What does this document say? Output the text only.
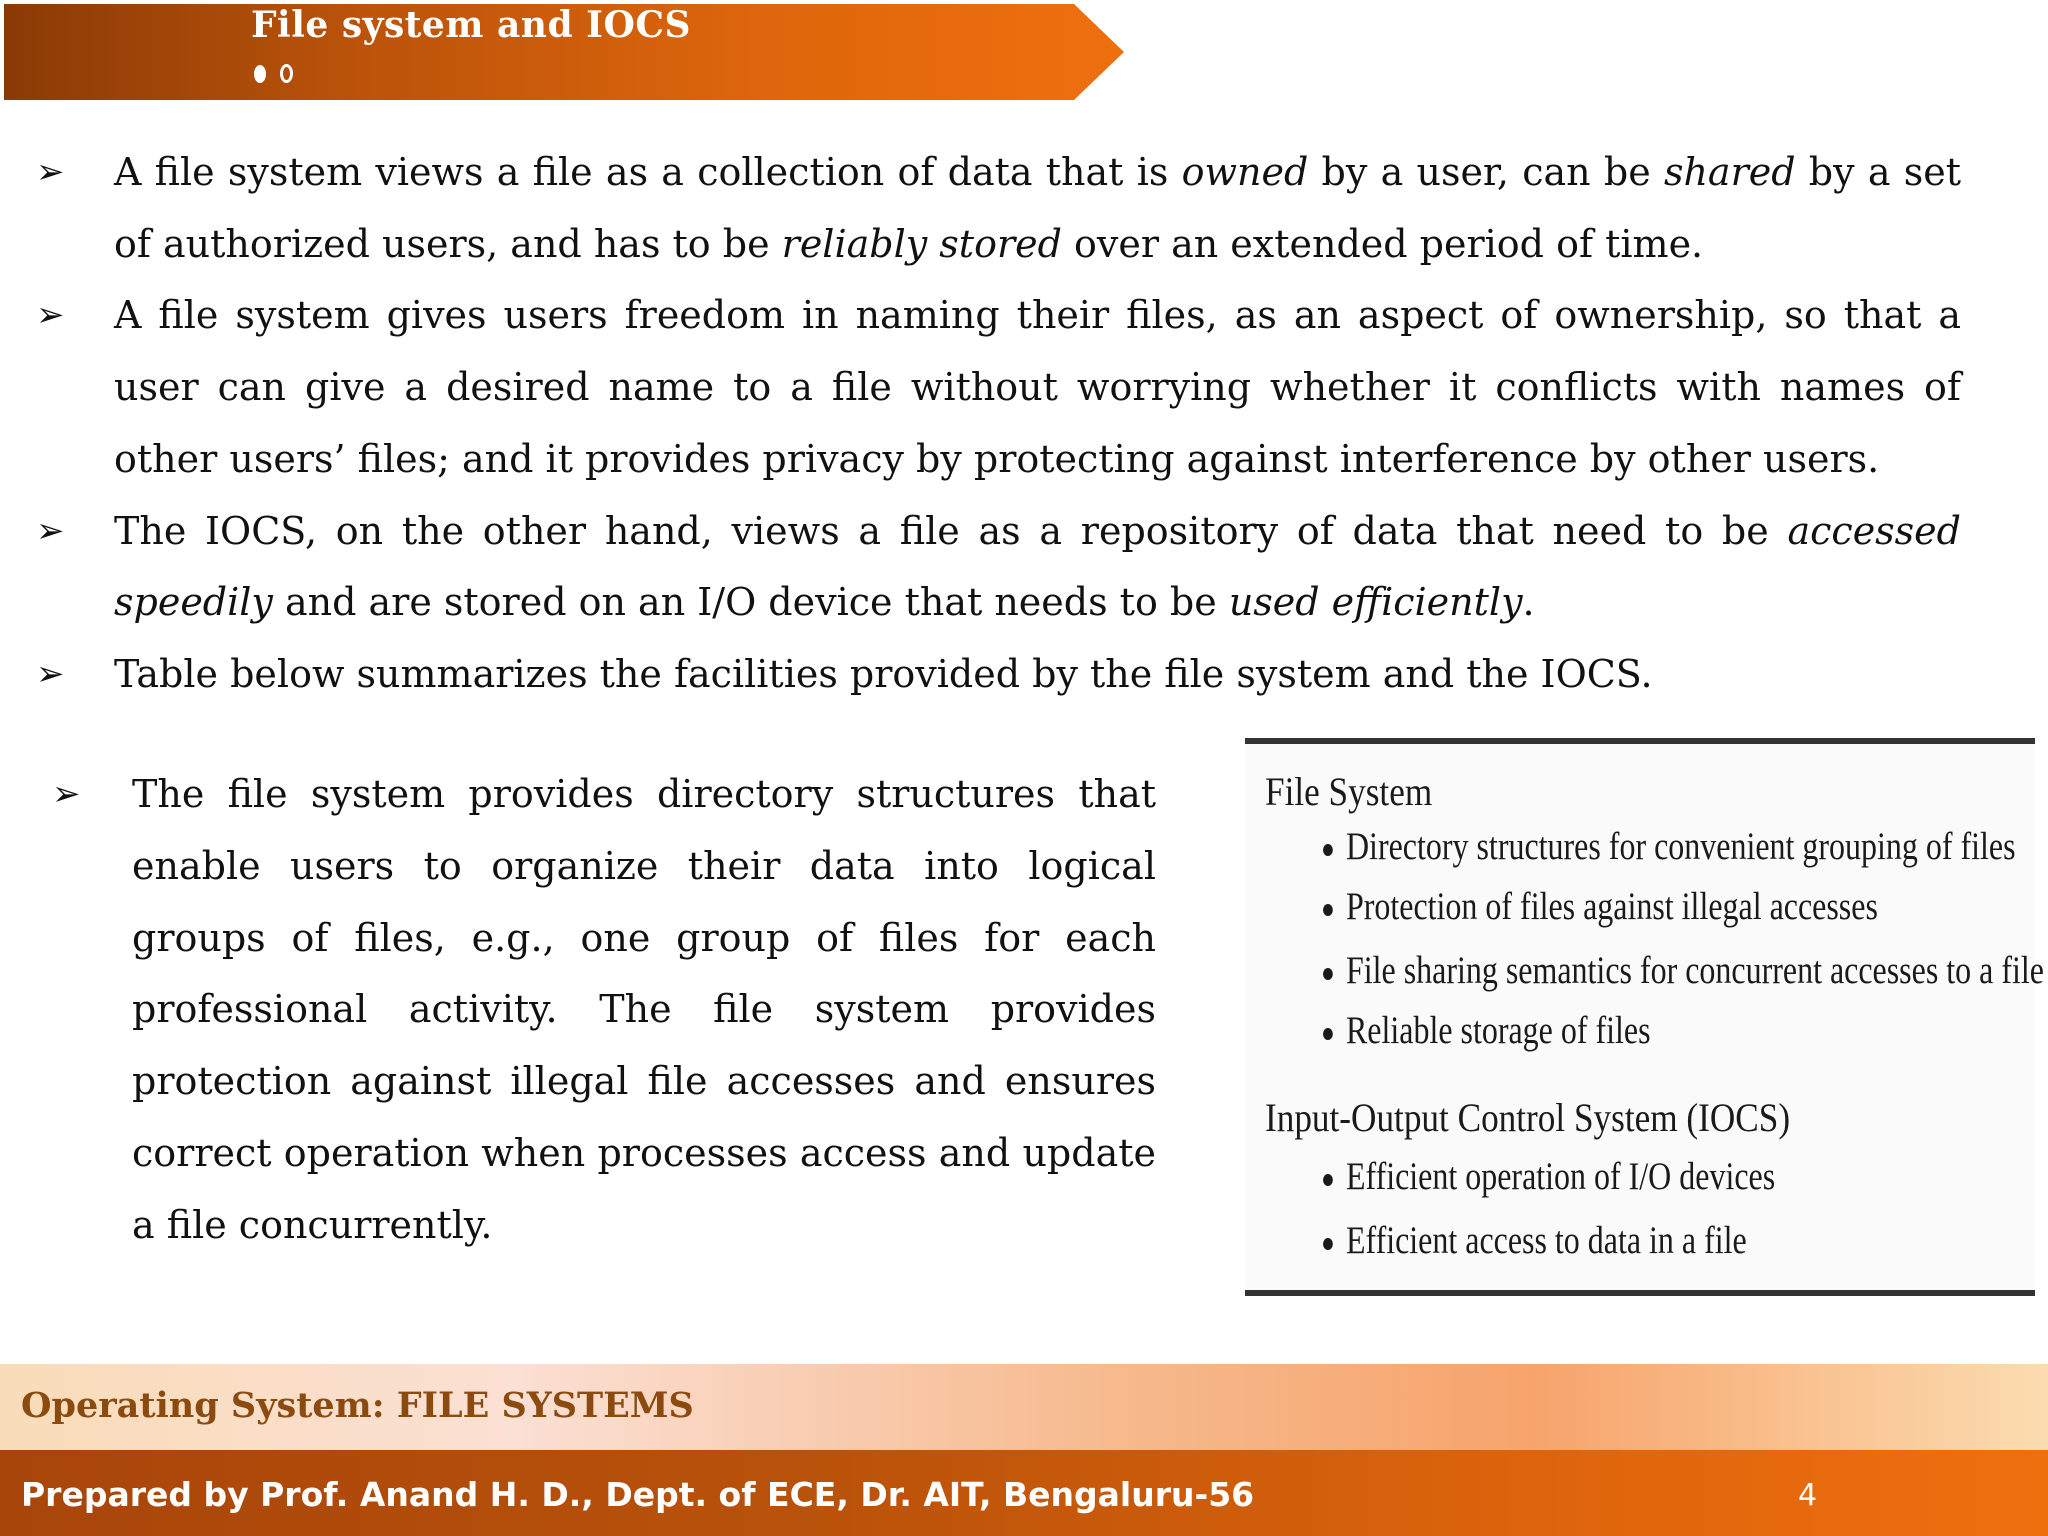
File system and IOCS
➢ A file system views a file as a collection of data that is owned by a user, can be shared by a set of authorized users, and has to be reliably stored over an extended period of time.
➢ A file system gives users freedom in naming their files, as an aspect of ownership, so that a user can give a desired name to a file without worrying whether it conflicts with names of other users’ files; and it provides privacy by protecting against interference by other users.
➢ The IOCS, on the other hand, views a file as a repository of data that need to be accessed speedily and are stored on an I/O device that needs to be used efficiently.
➢ Table below summarizes the facilities provided by the file system and the IOCS.
➢ The file system provides directory structures that enable users to organize their data into logical groups of files, e.g., one group of files for each professional activity. The file system provides protection against illegal file accesses and ensures correct operation when processes access and update a file concurrently.
File System
Directory structures for convenient grouping of files
Protection of files against illegal accesses
File sharing semantics for concurrent accesses to a file
Reliable storage of files
Input-Output Control System (IOCS)
Efficient operation of I/O devices
Efficient access to data in a file
Operating System: FILE SYSTEMS
Prepared by Prof. Anand H. D., Dept. of ECE, Dr. AIT, Bengaluru-56	4
